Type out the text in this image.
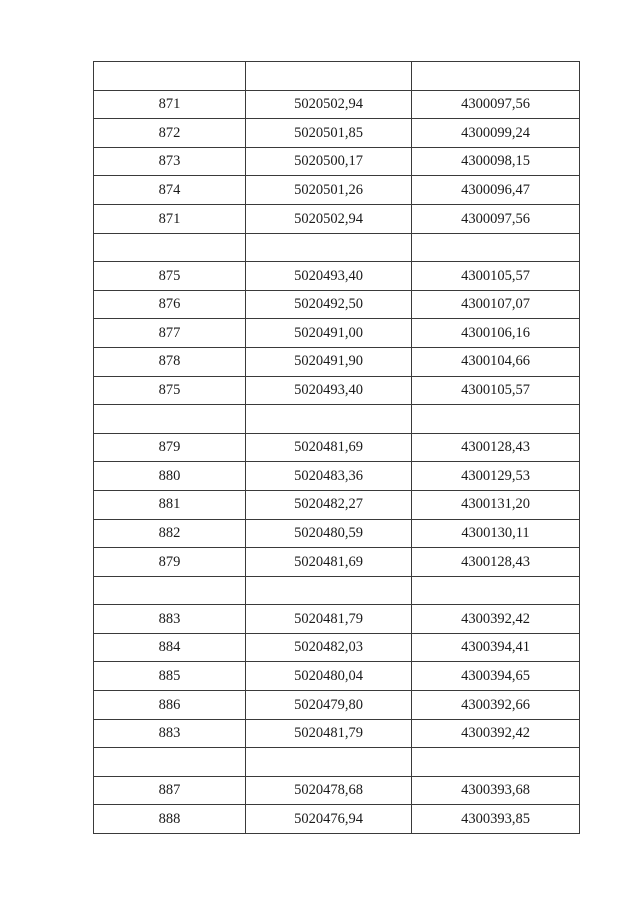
871	5020502,94	4300097,56
872	5020501,85	4300099,24
873	5020500,17	4300098,15
874	5020501,26	4300096,47
871	5020502,94	4300097,56

875	5020493,40	4300105,57
876	5020492,50	4300107,07
877	5020491,00	4300106,16
878	5020491,90	4300104,66
875	5020493,40	4300105,57

879	5020481,69	4300128,43
880	5020483,36	4300129,53
881	5020482,27	4300131,20
882	5020480,59	4300130,11
879	5020481,69	4300128,43

883	5020481,79	4300392,42
884	5020482,03	4300394,41
885	5020480,04	4300394,65
886	5020479,80	4300392,66
883	5020481,79	4300392,42

887	5020478,68	4300393,68
888	5020476,94	4300393,85
